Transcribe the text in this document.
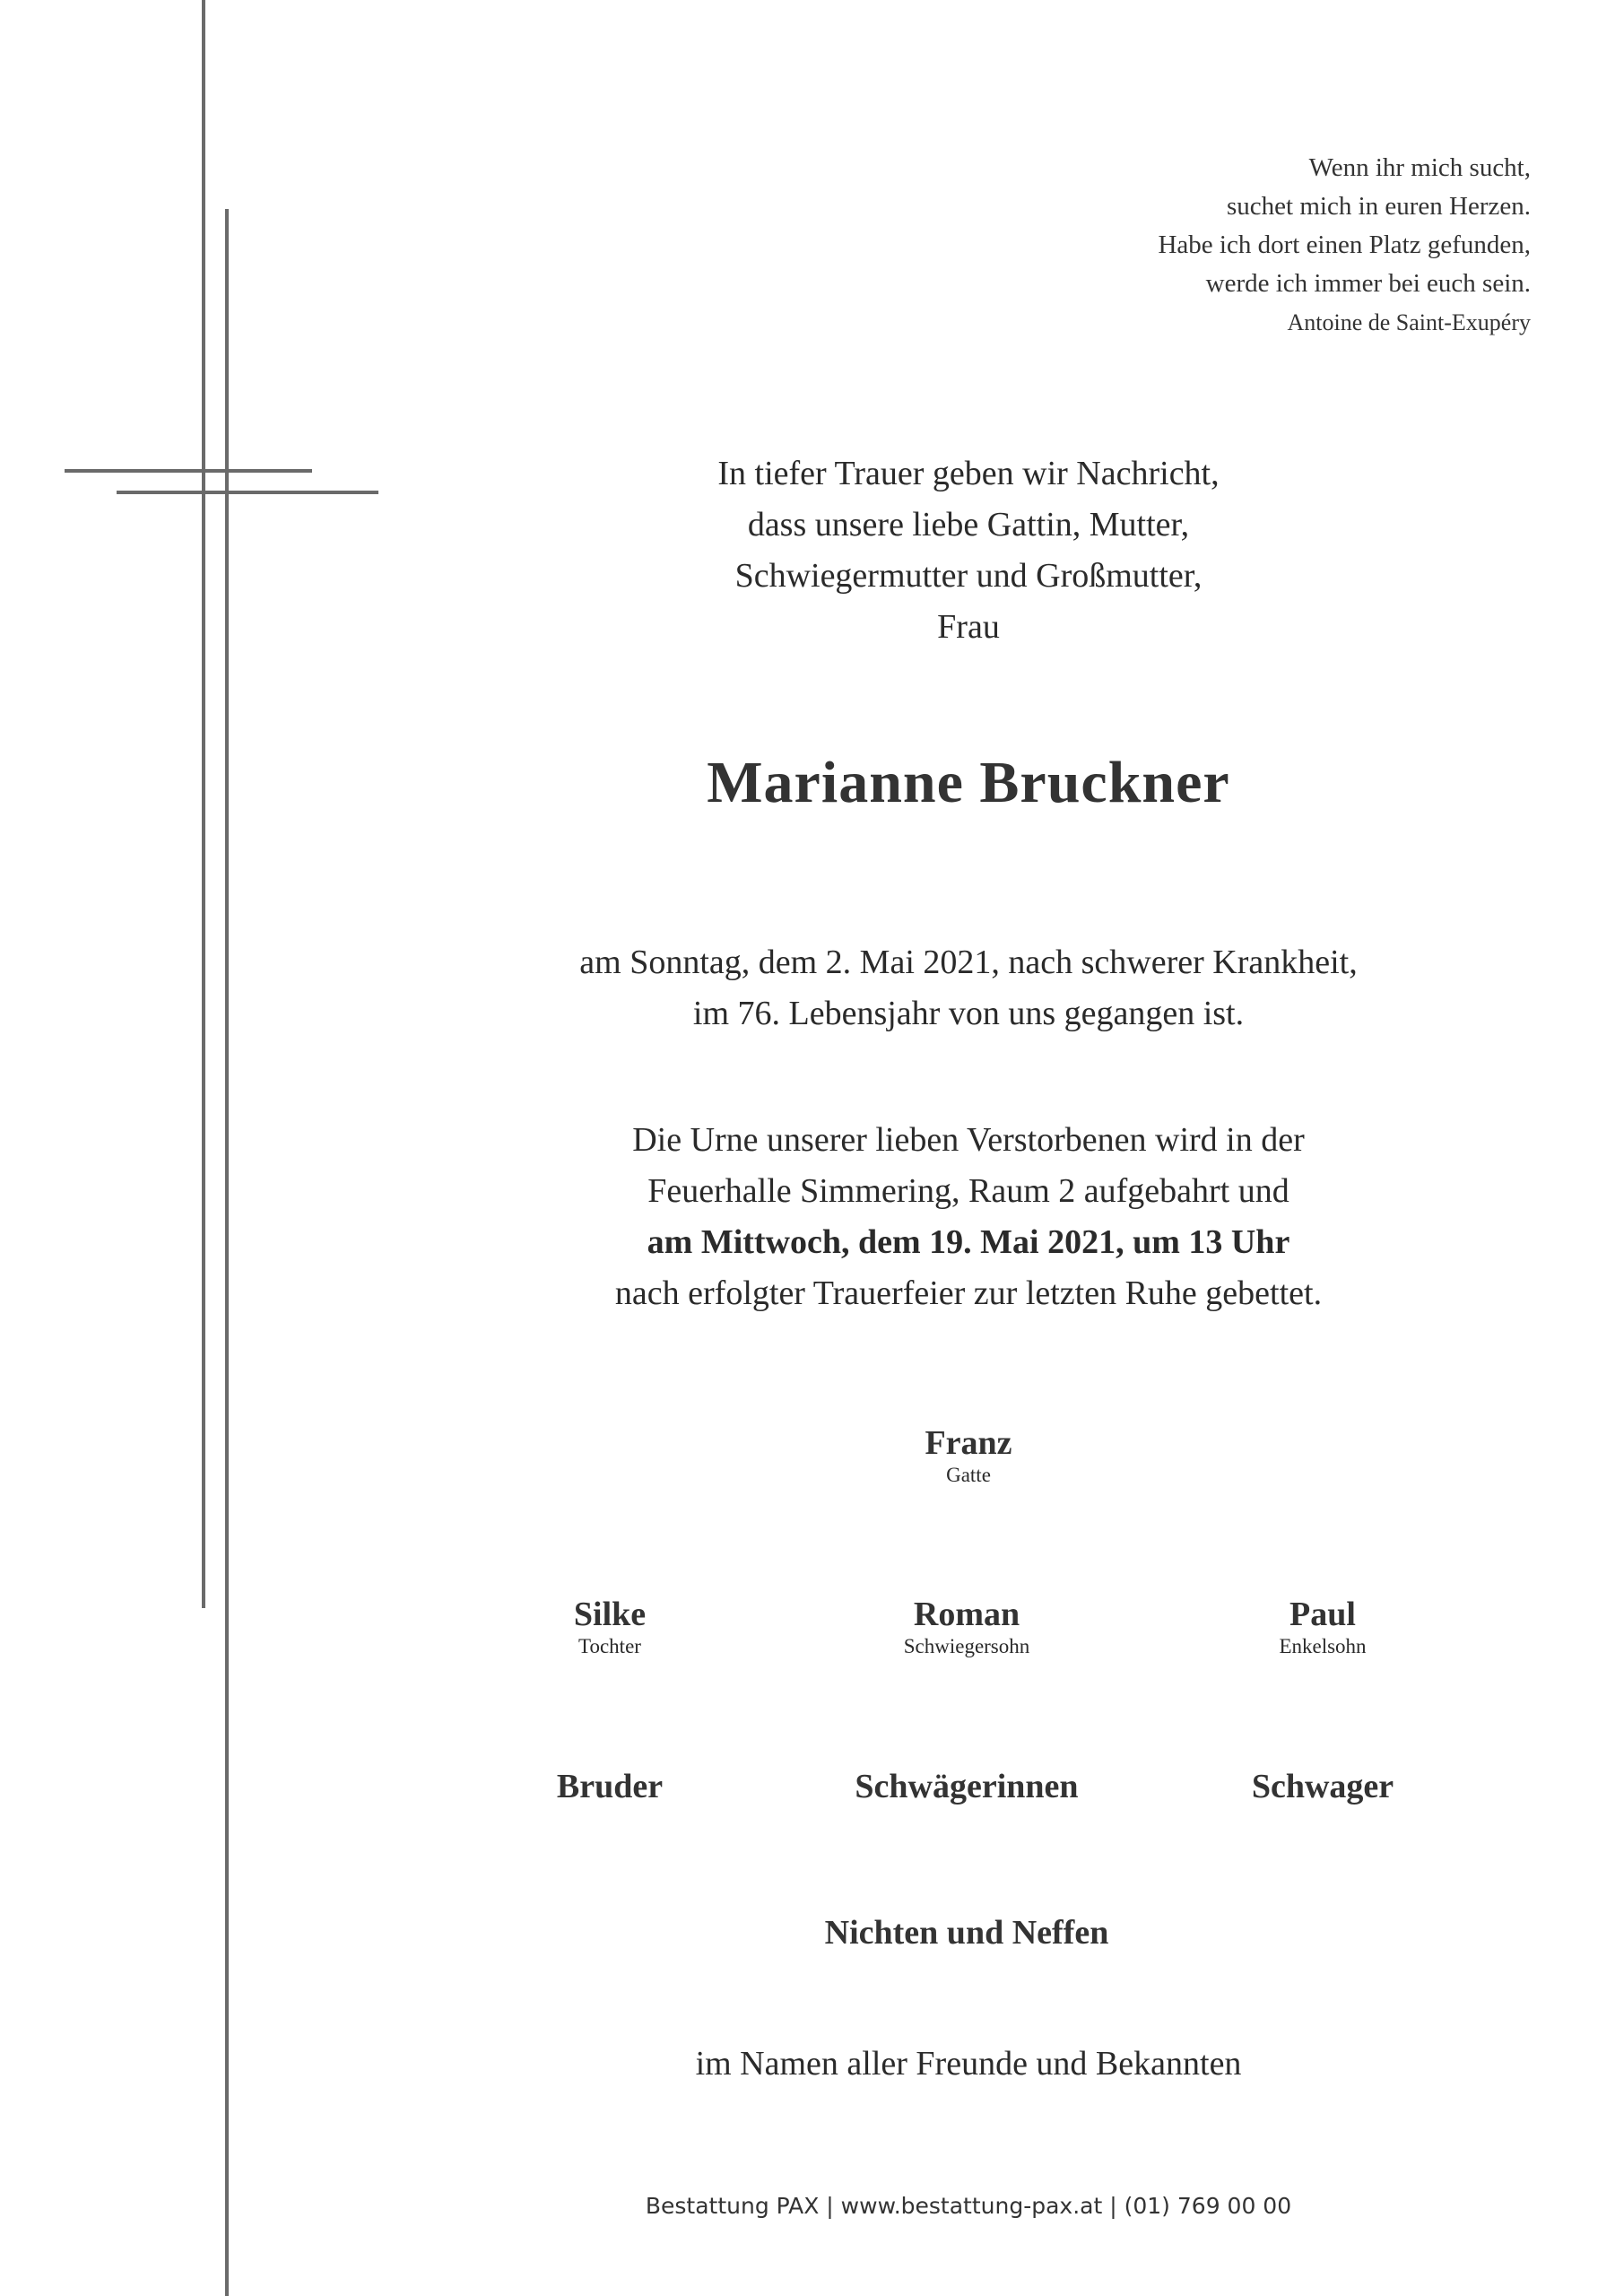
Wenn ihr mich sucht,
suchet mich in euren Herzen.
Habe ich dort einen Platz gefunden,
werde ich immer bei euch sein.
Antoine de Saint-Exupéry
In tiefer Trauer geben wir Nachricht,
dass unsere liebe Gattin, Mutter,
Schwiegermutter und Großmutter,
Frau
Marianne Bruckner
am Sonntag, dem 2. Mai 2021, nach schwerer Krankheit,
im 76. Lebensjahr von uns gegangen ist.
Die Urne unserer lieben Verstorbenen wird in der
Feuerhalle Simmering, Raum 2 aufgebahrt und
am Mittwoch, dem 19. Mai 2021, um 13 Uhr
nach erfolgter Trauerfeier zur letzten Ruhe gebettet.
Franz
Gatte
Silke
Tochter
Roman
Schwiegersohn
Paul
Enkelsohn
Bruder	Schwägerinnen	Schwager
Nichten und Neffen
im Namen aller Freunde und Bekannten
Bestattung PAX | www.bestattung-pax.at | (01) 769 00 00
